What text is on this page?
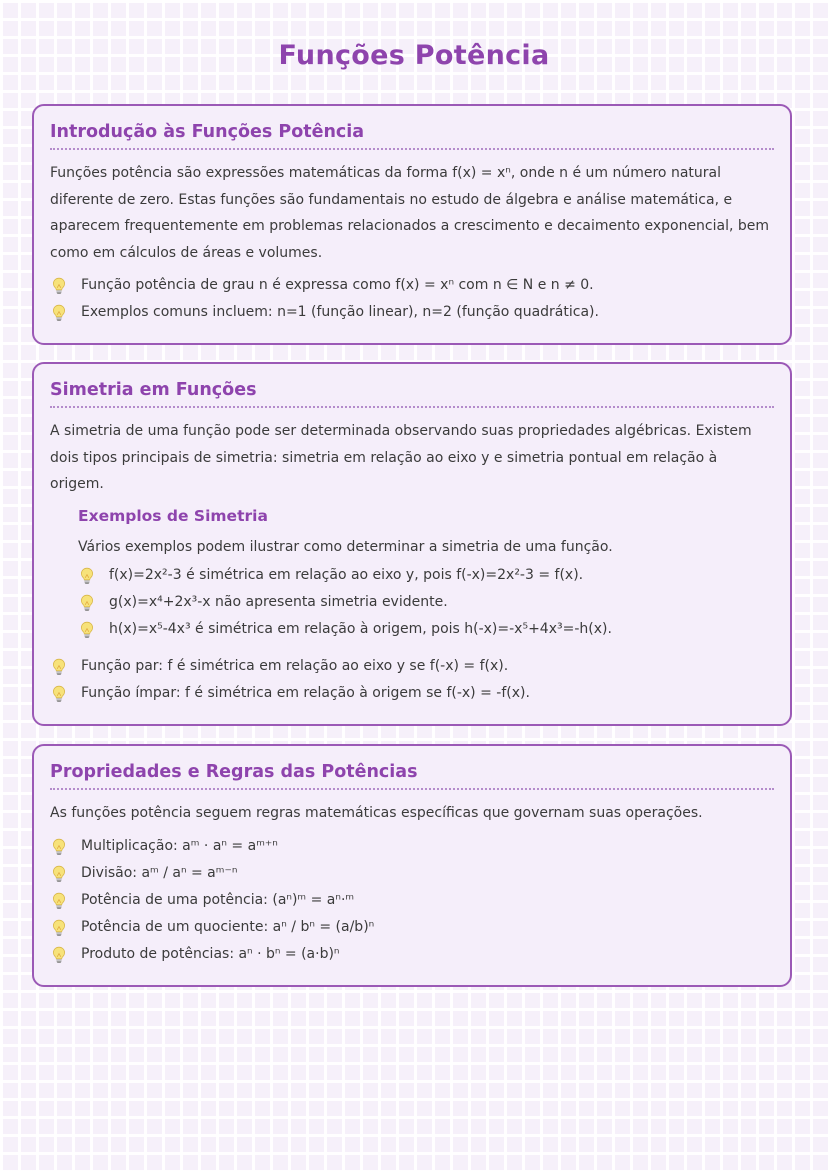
Funções Potência
Introdução às Funções Potência

Funções potência são expressões matemáticas da forma f(x) = xⁿ, onde n é um número natural diferente de zero. Estas funções são fundamentais no estudo de álgebra e análise matemática, e aparecem frequentemente em problemas relacionados a crescimento e decaimento exponencial, bem como em cálculos de áreas e volumes.

Função potência de grau n é expressa como f(x) = xⁿ com n ∈ N e n ≠ 0.
Exemplos comuns incluem: n=1 (função linear), n=2 (função quadrática).
Simetria em Funções

A simetria de uma função pode ser determinada observando suas propriedades algébricas. Existem dois tipos principais de simetria: simetria em relação ao eixo y e simetria pontual em relação à origem.

Exemplos de Simetria

Vários exemplos podem ilustrar como determinar a simetria de uma função.

f(x)=2x²-3 é simétrica em relação ao eixo y, pois f(-x)=2x²-3 = f(x).
g(x)=x⁴+2x³-x não apresenta simetria evidente.
h(x)=x⁵-4x³ é simétrica em relação à origem, pois h(-x)=-x⁵+4x³=-h(x).
Função par: f é simétrica em relação ao eixo y se f(-x) = f(x).
Função ímpar: f é simétrica em relação à origem se f(-x) = -f(x).
Propriedades e Regras das Potências

As funções potência seguem regras matemáticas específicas que governam suas operações.

Multiplicação: aᵐ · aⁿ = aᵐ⁺ⁿ
Divisão: aᵐ / aⁿ = aᵐ⁻ⁿ
Potência de uma potência: (aⁿ)ᵐ = aⁿ·ᵐ
Potência de um quociente: aⁿ / bⁿ = (a/b)ⁿ
Produto de potências: aⁿ · bⁿ = (a·b)ⁿ
